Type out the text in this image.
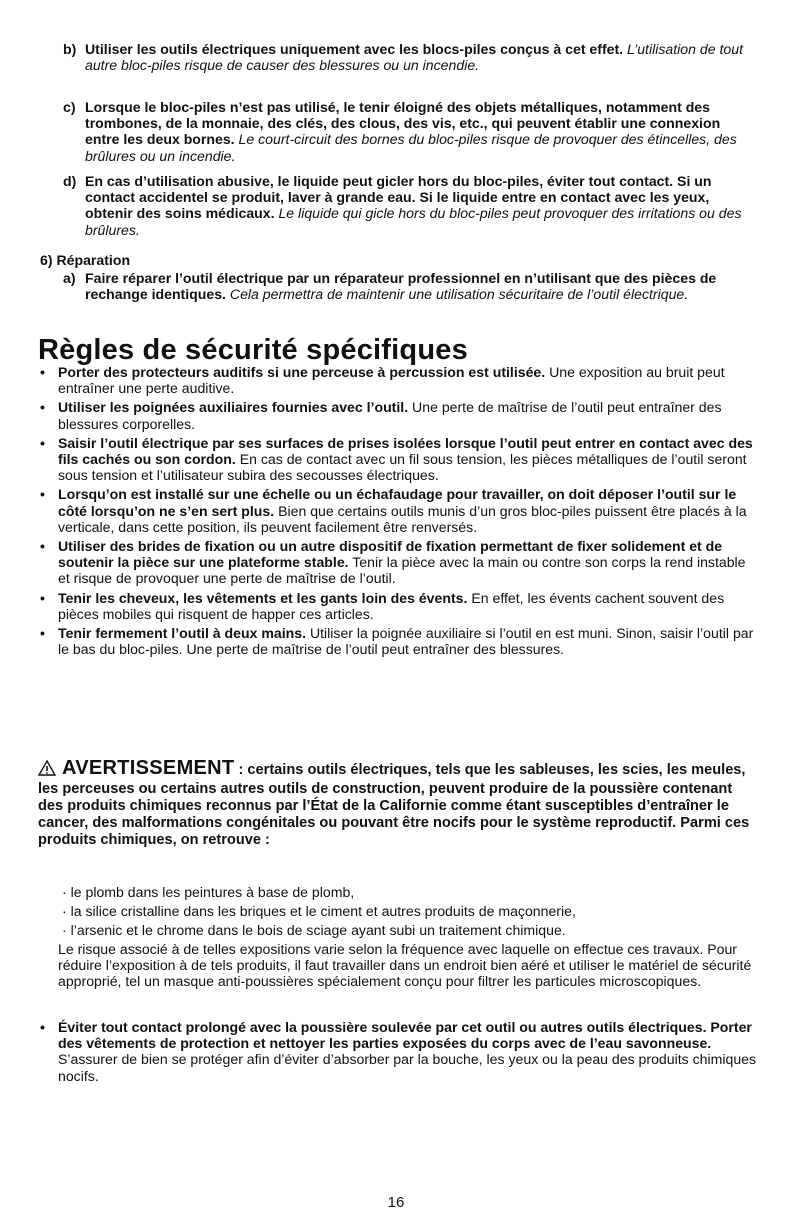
b) Utiliser les outils électriques uniquement avec les blocs-piles conçus à cet effet. L’utilisation de tout autre bloc-piles risque de causer des blessures ou un incendie.
c) Lorsque le bloc-piles n’est pas utilisé, le tenir éloigné des objets métalliques, notamment des trombones, de la monnaie, des clés, des clous, des vis, etc., qui peuvent établir une connexion entre les deux bornes. Le court-circuit des bornes du bloc-piles risque de provoquer des étincelles, des brûlures ou un incendie.
d) En cas d’utilisation abusive, le liquide peut gicler hors du bloc-piles, éviter tout contact. Si un contact accidentel se produit, laver à grande eau. Si le liquide entre en contact avec les yeux, obtenir des soins médicaux. Le liquide qui gicle hors du bloc-piles peut provoquer des irritations ou des brûlures.
6) Réparation
a) Faire réparer l’outil électrique par un réparateur professionnel en n’utilisant que des pièces de rechange identiques. Cela permettra de maintenir une utilisation sécuritaire de l’outil électrique.
Règles de sécurité spécifiques
• Porter des protecteurs auditifs si une perceuse à percussion est utilisée. Une exposition au bruit peut entraîner une perte auditive.
• Utiliser les poignées auxiliaires fournies avec l’outil. Une perte de maîtrise de l’outil peut entraîner des blessures corporelles.
• Saisir l’outil électrique par ses surfaces de prises isolées lorsque l’outil peut entrer en contact avec des fils cachés ou son cordon. En cas de contact avec un fil sous tension, les pièces métalliques de l’outil seront sous tension et l’utilisateur subira des secousses électriques.
• Lorsqu’on est installé sur une échelle ou un échafaudage pour travailler, on doit déposer l’outil sur le côté lorsqu’on ne s’en sert plus. Bien que certains outils munis d’un gros bloc-piles puissent être placés à la verticale, dans cette position, ils peuvent facilement être renversés.
• Utiliser des brides de fixation ou un autre dispositif de fixation permettant de fixer solidement et de soutenir la pièce sur une plateforme stable. Tenir la pièce avec la main ou contre son corps la rend instable et risque de provoquer une perte de maîtrise de l’outil.
• Tenir les cheveux, les vêtements et les gants loin des évents. En effet, les évents cachent souvent des pièces mobiles qui risquent de happer ces articles.
• Tenir fermement l’outil à deux mains. Utiliser la poignée auxiliaire si l’outil en est muni. Sinon, saisir l’outil par le bas du bloc-piles. Une perte de maîtrise de l’outil peut entraîner des blessures.
AVERTISSEMENT : certains outils électriques, tels que les sableuses, les scies, les meules, les perceuses ou certains autres outils de construction, peuvent produire de la poussière contenant des produits chimiques reconnus par l’État de la Californie comme étant susceptibles d’entraîner le cancer, des malformations congénitales ou pouvant être nocifs pour le système reproductif. Parmi ces produits chimiques, on retrouve :
· le plomb dans les peintures à base de plomb,
· la silice cristalline dans les briques et le ciment et autres produits de maçonnerie,
· l’arsenic et le chrome dans le bois de sciage ayant subi un traitement chimique.
Le risque associé à de telles expositions varie selon la fréquence avec laquelle on effectue ces travaux. Pour réduire l’exposition à de tels produits, il faut travailler dans un endroit bien aéré et utiliser le matériel de sécurité approprié, tel un masque anti-poussières spécialement conçu pour filtrer les particules microscopiques.
• Éviter tout contact prolongé avec la poussière soulevée par cet outil ou autres outils électriques. Porter des vêtements de protection et nettoyer les parties exposées du corps avec de l’eau savonneuse. S’assurer de bien se protéger afin d’éviter d’absorber par la bouche, les yeux ou la peau des produits chimiques nocifs.
16
